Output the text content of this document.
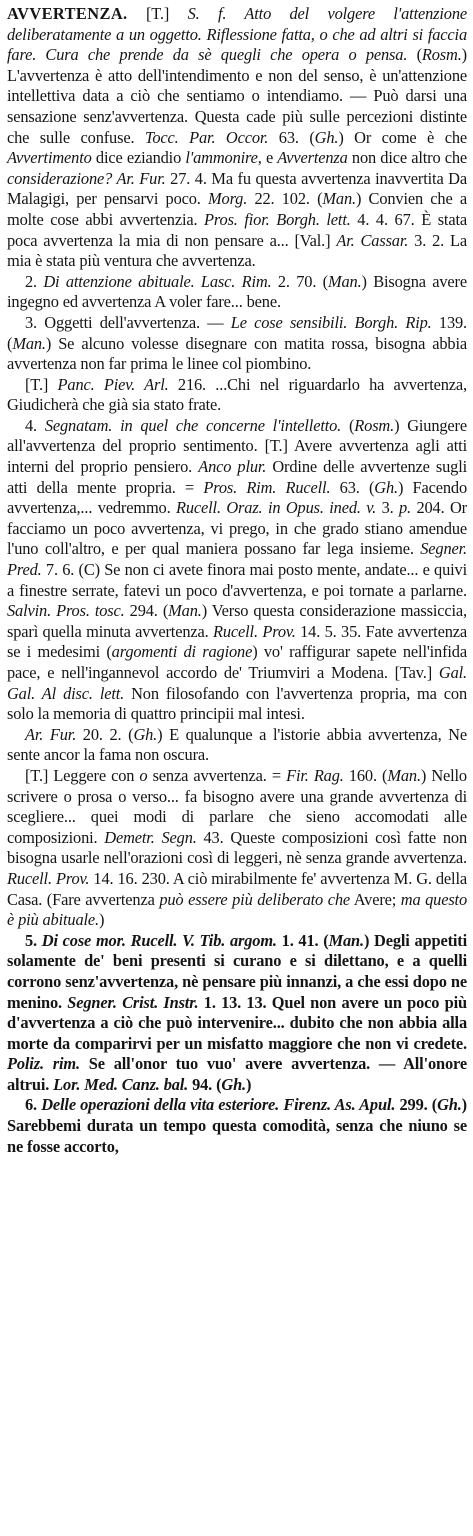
AVVERTENZA. [T.] S. f. Atto del volgere l'attenzione deliberatamente a un oggetto. Riflessione fatta, o che ad altri si faccia fare. Cura che prende da sè quegli che opera o pensa. (Rosm.) L'avvertenza è atto dell'intendimento e non del senso, è un'attenzione intellettiva data a ciò che sentiamo o intendiamo. — Può darsi una sensazione senz'avvertenza. Questa cade più sulle percezioni distinte che sulle confuse. Tocc. Par. Occor. 63. (Gh.) Or come è che Avvertimento dice eziandio l'ammonire, e Avvertenza non dice altro che considerazione? Ar. Fur. 27. 4. Ma fu questa avvertenza inavvertita Da Malagigi, per pensarvi poco. Morg. 22. 102. (Man.) Convien che a molte cose abbi avvertenzia. Pros. fior. Borgh. lett. 4. 4. 67. È stata poca avvertenza la mia di non pensare a... [Val.] Ar. Cassar. 3. 2. La mia è stata più ventura che avvertenza.

2. Di attenzione abituale. Lasc. Rim. 2. 70. (Man.) Bisogna avere ingegno ed avvertenza A voler fare... bene.

3. Oggetti dell'avvertenza. — Le cose sensibili. Borgh. Rip. 139. (Man.) Se alcuno volesse disegnare con matita rossa, bisogna abbia avvertenza non far prima le linee col piombino.

[T.] Panc. Piev. Arl. 216. ...Chi nel riguardarlo ha avvertenza, Giudicherà che già sia stato frate.

4. Segnatam. in quel che concerne l'intelletto. (Rosm.) Giungere all'avvertenza del proprio sentimento. [T.] Avere avvertenza agli atti interni del proprio pensiero. Anco plur. Ordine delle avvertenze sugli atti della mente propria. = Pros. Rim. Rucell. 63. (Gh.) Facendo avvertenza,... vedremmo. Rucell. Oraz. in Opus. ined. v. 3. p. 204. Or facciamo un poco avvertenza, vi prego, in che grado stiano amendue l'uno coll'altro, e per qual maniera possano far lega insieme. Segner. Pred. 7. 6. (C) Se non ci avete finora mai posto mente, andate... e quivi a finestre serrate, fatevi un poco d'avvertenza, e poi tornate a parlarne. Salvin. Pros. tosc. 294. (Man.) Verso questa considerazione massiccia, sparì quella minuta avvertenza. Rucell. Prov. 14. 5. 35. Fate avvertenza se i medesimi (argomenti di ragione) vo' raffigurar sapete nell'infida pace, e nell'ingannevol accordo de' Triumviri a Modena. [Tav.] Gal. Gal. Al disc. lett. Non filosofando con l'avvertenza propria, ma con solo la memoria di quattro principii mal intesi.

Ar. Fur. 20. 2. (Gh.) E qualunque a l'istorie abbia avvertenza, Ne sente ancor la fama non oscura.

[T.] Leggere con o senza avvertenza. = Fir. Rag. 160. (Man.) Nello scrivere o prosa o verso... fa bisogno avere una grande avvertenza di scegliere... quei modi di parlare che sieno accomodati alle composizioni. Demetr. Segn. 43. Queste composizioni così fatte non bisogna usarle nell'orazioni così di leggeri, nè senza grande avvertenza. Rucell. Prov. 14. 16. 230. A ciò mirabilmente fe' avvertenza M. G. della Casa. (Fare avvertenza può essere più deliberato che Avere; ma questo è più abituale.)

5. Di cose mor. Rucell. V. Tib. argom. 1. 41. (Man.) Degli appetiti solamente de' beni presenti si curano e si dilettano, e a quelli corrono senz'avvertenza, nè pensare più innanzi, a che essi dopo ne menino. Segner. Crist. Instr. 1. 13. 13. Quel non avere un poco più d'avvertenza a ciò che può intervenire... dubito che non abbia alla morte da comparirvi per un misfatto maggiore che non vi credete. Poliz. rim. Se all'onor tuo vuo' avere avvertenza. — All'onore altrui. Lor. Med. Canz. bal. 94. (Gh.)

6. Delle operazioni della vita esteriore. Firenz. As. Apul. 299. (Gh.) Sarebbemi durata un tempo questa comodità, senza che niuno se ne fosse accorto,
